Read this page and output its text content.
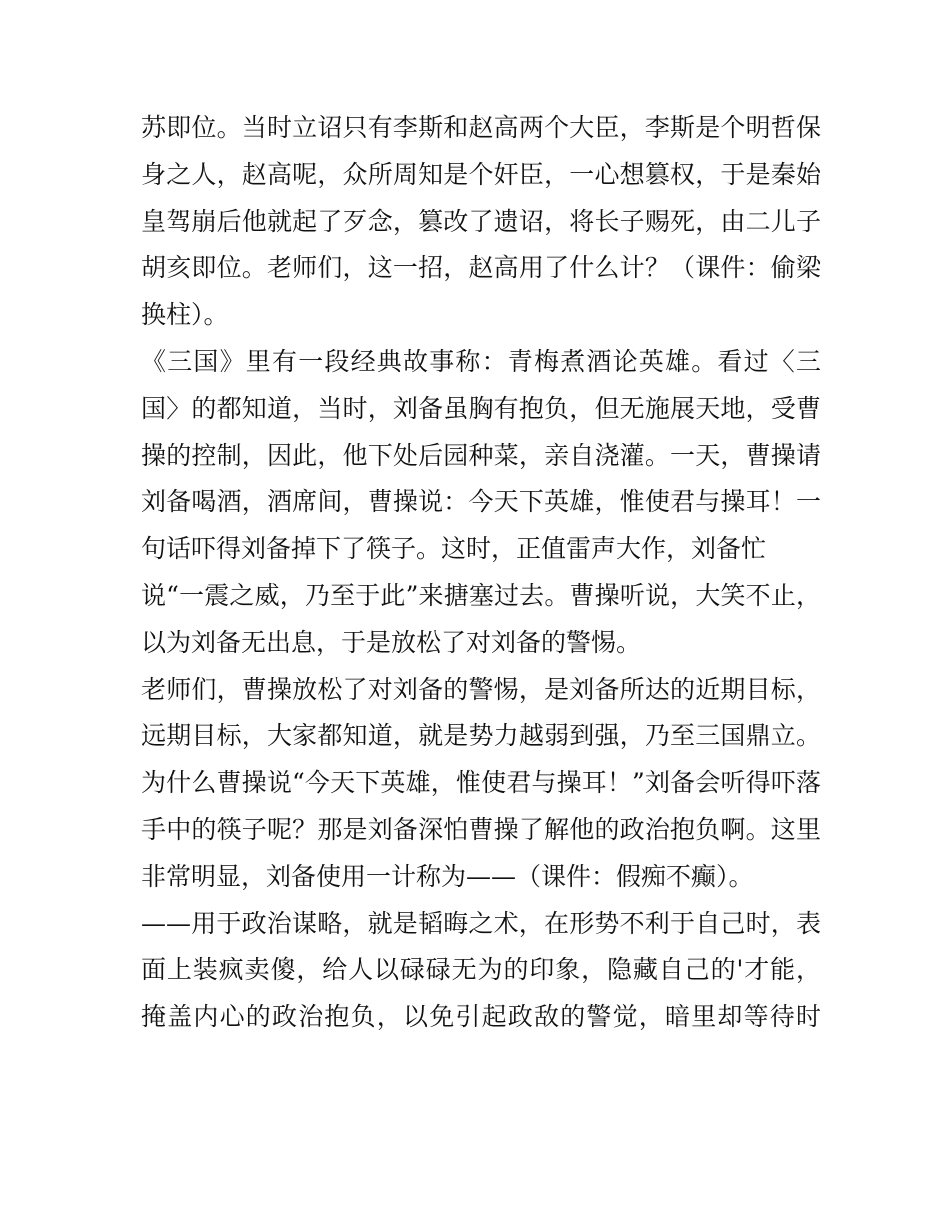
苏即位。当时立诏只有李斯和赵高两个大臣，李斯是个明哲保
身之人，赵高呢，众所周知是个奸臣，一心想篡权，于是秦始
皇驾崩后他就起了歹念，篡改了遗诏，将长子赐死，由二儿子
胡亥即位。老师们，这一招，赵高用了什么计？（课件：偷梁
换柱）。
《三国》里有一段经典故事称：青梅煮酒论英雄。看过〈三
国〉的都知道，当时，刘备虽胸有抱负，但无施展天地，受曹
操的控制，因此，他下处后园种菜，亲自浇灌。一天，曹操请
刘备喝酒，酒席间，曹操说：今天下英雄，惟使君与操耳！一
句话吓得刘备掉下了筷子。这时，正值雷声大作，刘备忙
说“一震之威，乃至于此”来搪塞过去。曹操听说，大笑不止，
以为刘备无出息，于是放松了对刘备的警惕。
老师们，曹操放松了对刘备的警惕，是刘备所达的近期目标，
远期目标，大家都知道，就是势力越弱到强，乃至三国鼎立。
为什么曹操说“今天下英雄，惟使君与操耳！”刘备会听得吓落
手中的筷子呢？那是刘备深怕曹操了解他的政治抱负啊。这里
非常明显，刘备使用一计称为——（课件：假痴不癫）。
——用于政治谋略，就是韬晦之术，在形势不利于自己时，表
面上装疯卖傻，给人以碌碌无为的印象，隐藏自己的'才能，
掩盖内心的政治抱负，以免引起政敌的警觉，暗里却等待时
